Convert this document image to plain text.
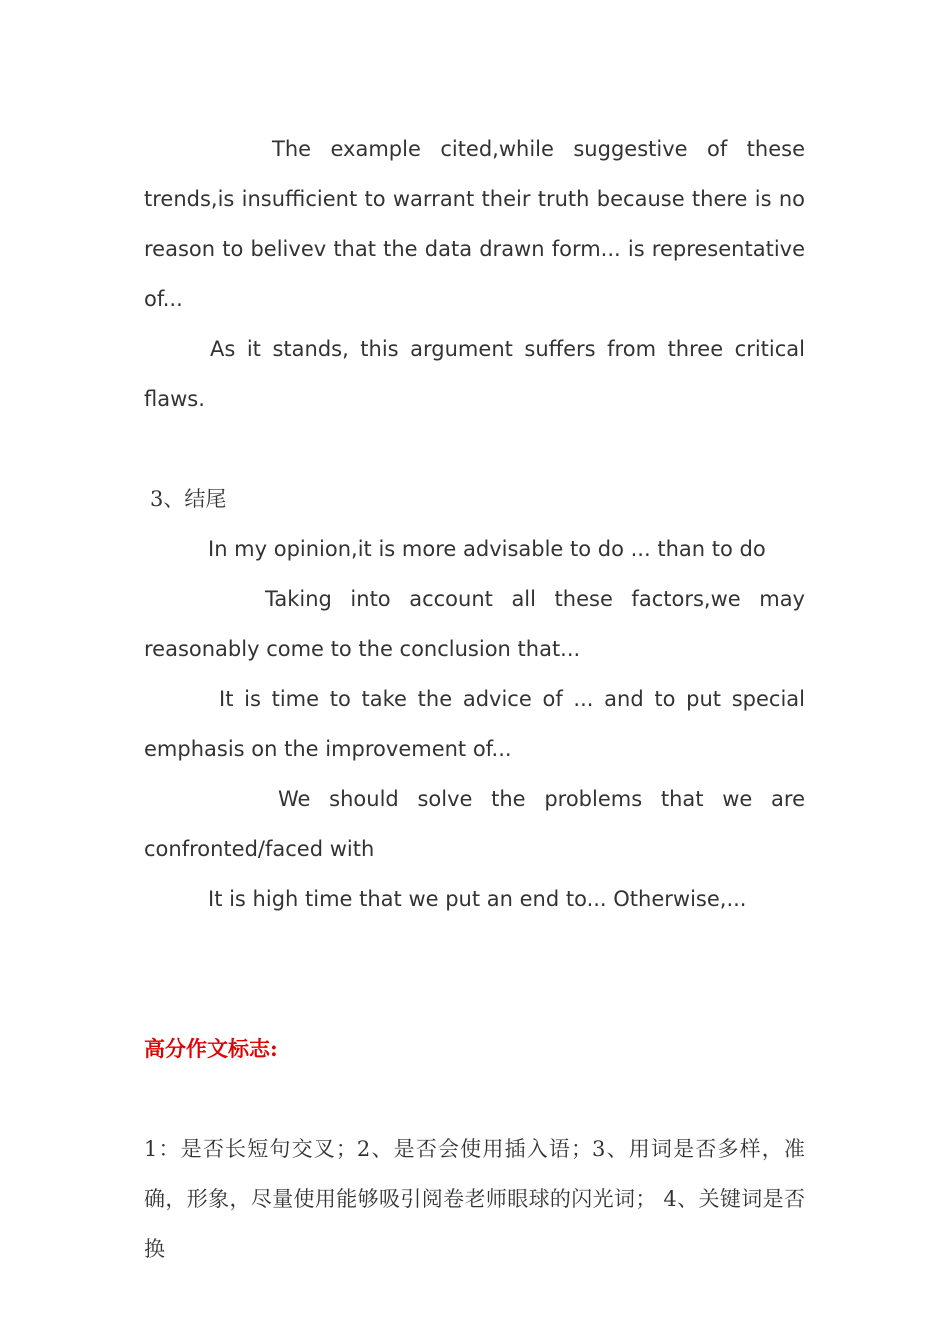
The example cited,while suggestive of these trends,is insufficient to warrant their truth because there is no reason to belivev that the data drawn form... is representative of...

As it stands, this argument suffers from three critical flaws.

3、结尾

In my opinion,it is more advisable to do ... than to do

Taking into account all these factors,we may reasonably come to the conclusion that...

It is time to take the advice of ... and to put special emphasis on the improvement of...

We should solve the problems that we are confronted/faced with

It is high time that we put an end to... Otherwise,...

高分作文标志:

1：是否长短句交叉；2、是否会使用插入语；3、用词是否多样，准确，形象，尽量使用能够吸引阅卷老师眼球的闪光词； 4、关键词是否换
